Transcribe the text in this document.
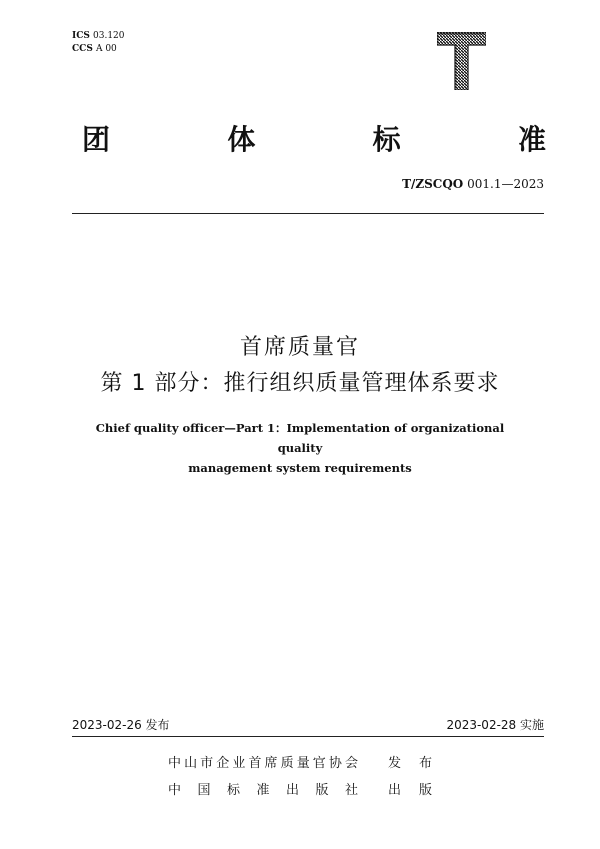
ICS 03.120
CCS A 00
团	体	标	准
T/ZSCQO 001.1—2023
首席质量官
第 1 部分：推行组织质量管理体系要求
Chief quality officer—Part 1：Implementation of organizational quality
management system requirements
2023-02-26 发布	2023-02-28 实施
中山市企业首席质量官协会 发布
中国标准出版社 出版
